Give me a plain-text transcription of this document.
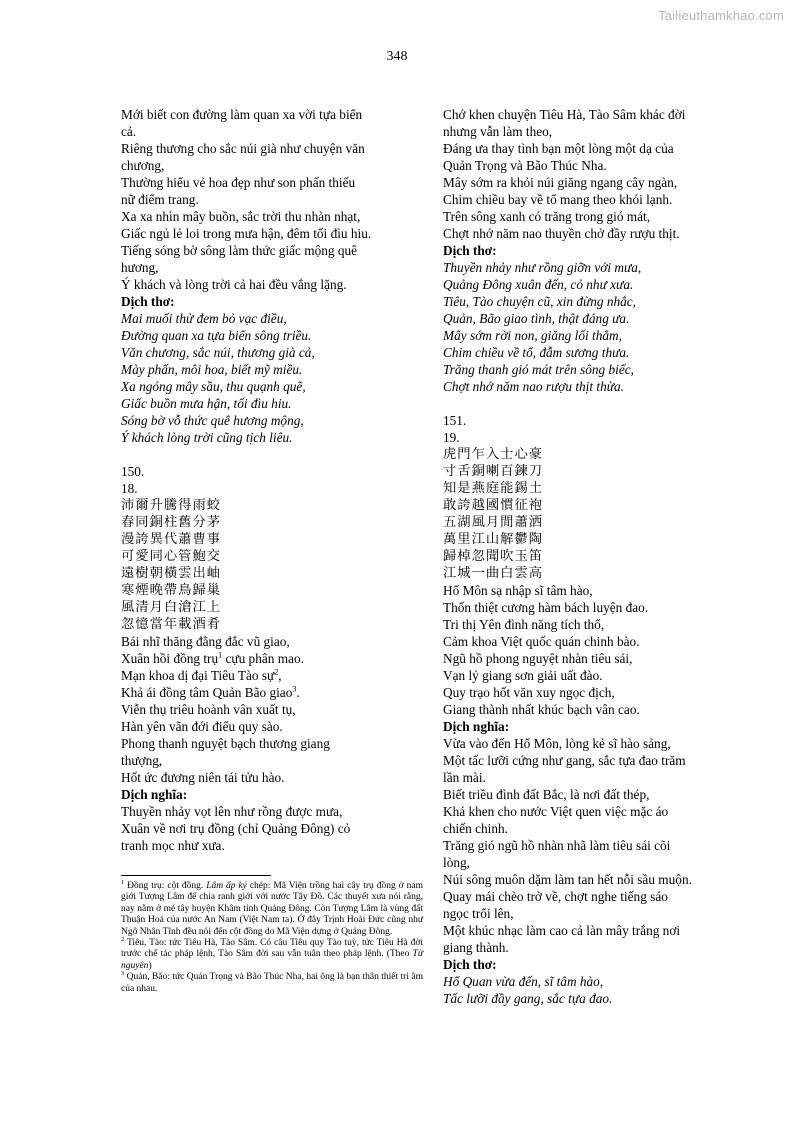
Tailieuthamkhao.com
348
Mới biết con đường làm quan xa vời tựa biển
cả.
Riêng thương cho sắc núi già như chuyện văn
chương,
Thường hiểu vẻ hoa đẹp như son phấn thiếu
nữ điểm trang.
Xa xa nhìn mây buồn, sắc trời thu nhàn nhạt,
Giấc ngủ lẻ loi trong mưa hận, đêm tối đìu hiu.
Tiếng sóng bờ sông làm thức giấc mộng quê
hương,
Ý khách và lòng trời cả hai đều vắng lặng.
Dịch thơ:
Mai muối thử đem bỏ vạc điều,
Đường quan xa tựa biển sông triều.
Văn chương, sắc núi, thương già cả,
Mày phấn, môi hoa, biết mỹ miều.
Xa ngóng mây sầu, thu quạnh quẽ,
Giấc buồn mưa hận, tối đìu hiu.
Sóng bờ vỗ thức quê hương mộng,
Ý khách lòng trời cũng tịch liêu.
150.
18.
沛爾升騰得雨蛟
春同銅柱舊分茅
漫誇異代蕭曹事
可愛同心管鮑交
遠樹朝橫雲出岫
寒煙晚帶鳥歸巢
風清月白滄江上
忽憶當年載酒肴
Bái nhĩ thăng đằng đắc vũ giao,
Xuân hồi đồng trụ$^1$ cựu phân mao.
Mạn khoa dị đại Tiêu Tào sự$^2$,
Khả ái đồng tâm Quản Bão giao$^3$.
Viễn thụ triêu hoành vân xuất tụ,
Hàn yên vãn đới điểu quy sào.
Phong thanh nguyệt bạch thương giang
thượng,
Hốt ức đương niên tái tửu hào.
Dịch nghĩa:
Thuyền nhảy vọt lên như rồng được mưa,
Xuân về nơi trụ đồng (chỉ Quảng Đông) cỏ
tranh mọc như xưa.

$^1$ Đồng trụ: cột đồng. Lâm ấp ký chép: Mã Viện trồng hai cây trụ đồng ở nam giới Tượng Lâm để chia ranh giới với nước Tây Đồ. Các thuyết xưa nói rằng, nay nằm ở mé tây huyện Khâm tỉnh Quảng Đông. Còn Tượng Lâm là vùng đất Thuận Hoá của nước An Nam (Việt Nam ta). Ở đây Trịnh Hoài Đức cũng như Ngô Nhân Tĩnh đều nói đến cột đồng do Mã Viện dựng ở Quảng Đông.

$^2$ Tiêu, Tào: tức Tiêu Hà, Tào Sâm. Có câu Tiêu quy Tào tuỳ, tức Tiêu Hà đời trước chế tác pháp lệnh, Tào Sâm đời sau vẫn tuân theo pháp lệnh. (Theo Từ nguyên)

$^3$ Quản, Bão: tức Quản Trọng và Bão Thúc Nha, hai ông là bạn thân thiết tri âm của nhau.

Chớ khen chuyện Tiêu Hà, Tào Sâm khác đời
nhưng vẫn làm theo,
Đáng ưa thay tình bạn một lòng một dạ của
Quản Trọng và Bão Thúc Nha.
Mây sớm ra khỏi núi giăng ngang cây ngàn,
Chim chiều bay về tổ mang theo khói lạnh.
Trên sông xanh có trăng trong gió mát,
Chợt nhớ năm nao thuyền chở đầy rượu thịt.
Dịch thơ:
Thuyền nhảy như rồng giỡn với mưa,
Quảng Đông xuân đến, cỏ như xưa.
Tiêu, Tào chuyện cũ, xin đừng nhắc,
Quản, Bão giao tình, thật đáng ưa.
Mây sớm rời non, giăng lối thẳm,
Chim chiều về tổ, đẫm sương thưa.
Trăng thanh gió mát trên sông biếc,
Chợt nhớ năm nao rượu thịt thừa.
151.
19.
虎門乍入士心豪
寸舌銅喇百鍊刀
知是燕庭能錫土
敢誇越國慣征袍
五湖風月閒蕭洒
萬里江山解鬱陶
歸棹忽聞吹玉笛
江城一曲白雲高
Hổ Môn sạ nhập sĩ tâm hào,
Thốn thiệt cương hàm bách luyện đao.
Tri thị Yên đình năng tích thổ,
Cảm khoa Việt quốc quán chinh bào.
Ngũ hồ phong nguyệt nhàn tiêu sái,
Vạn lý giang sơn giải uất đào.
Quy trạo hốt văn xuy ngọc địch,
Giang thành nhất khúc bạch vân cao.
Dịch nghĩa:
Vừa vào đến Hổ Môn, lòng kẻ sĩ hào sảng,
Một tấc lưỡi cứng như gang, sắc tựa đao trăm
lần mài.
Biết triều đình đất Bắc, là nơi đất thép,
Khá khen cho nước Việt quen việc mặc áo
chiến chinh.
Trăng gió ngũ hồ nhàn nhã làm tiêu sái cõi
lòng,
Núi sông muôn dặm làm tan hết nỗi sầu muộn.
Quay mái chèo trở về, chợt nghe tiếng sáo
ngọc trổi lên,
Một khúc nhạc làm cao cả làn mây trắng nơi
giang thành.
Dịch thơ:
Hổ Quan vừa đến, sĩ tâm hào,
Tấc lưỡi đầy gang, sắc tựa đao.
